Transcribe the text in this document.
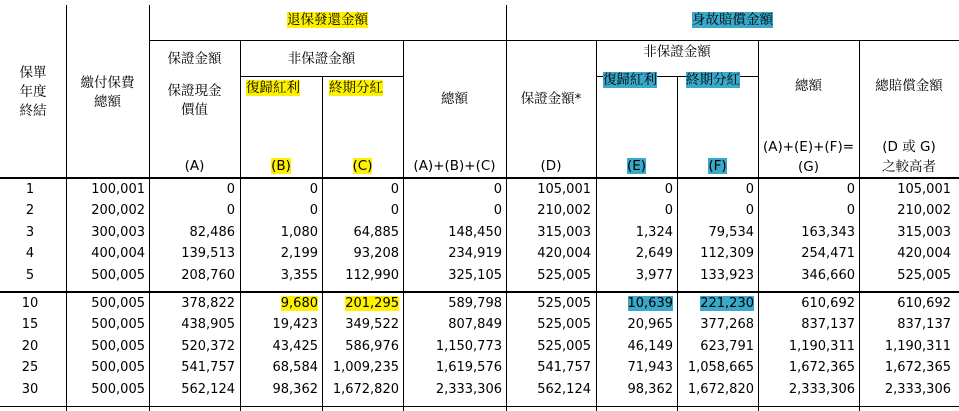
保單
年度
終結
繳付保費
總額
退保發還金額	身故賠償金額
保證金額	非保證金額	非保證金額
保證現金
價值
復歸紅利 終期分紅
總額	保證金額*
復歸紅利 終期分紅	總額	總賠償金額
(A)	(B)	(C)	(A)+(B)+(C)	(D)	(E)	(F)
(A)+(E)+(F)=
(G)
(D 或 G)
之較高者
1	100,001	0	0	0	0	105,001	0	0	0	105,001
2	200,002	0	0	0	0	210,002	0	0	0	210,002
3	300,003	82,486	1,080	64,885	148,450	315,003	1,324	79,534	163,343	315,003
4	400,004	139,513	2,199	93,208	234,919	420,004	2,649 112,309	254,471	420,004
5	500,005	208,760	3,355 112,990	325,105	525,005	3,977 133,923	346,660	525,005
10	500,005	378,822	9,680 201,295	589,798	525,005	10,639 221,230	610,692	610,692
15	500,005	438,905	19,423 349,522	807,849	525,005	20,965 377,268	837,137	837,137
20	500,005	520,372	43,425 586,976	1,150,773	525,005	46,149 623,791	1,190,311 1,190,311
25	500,005	541,757	68,584 1,009,235	1,619,576	541,757	71,943 1,058,665	1,672,365 1,672,365
30	500,005	562,124	98,362 1,672,820	2,333,306	562,124	98,362 1,672,820	2,333,306 2,333,306
